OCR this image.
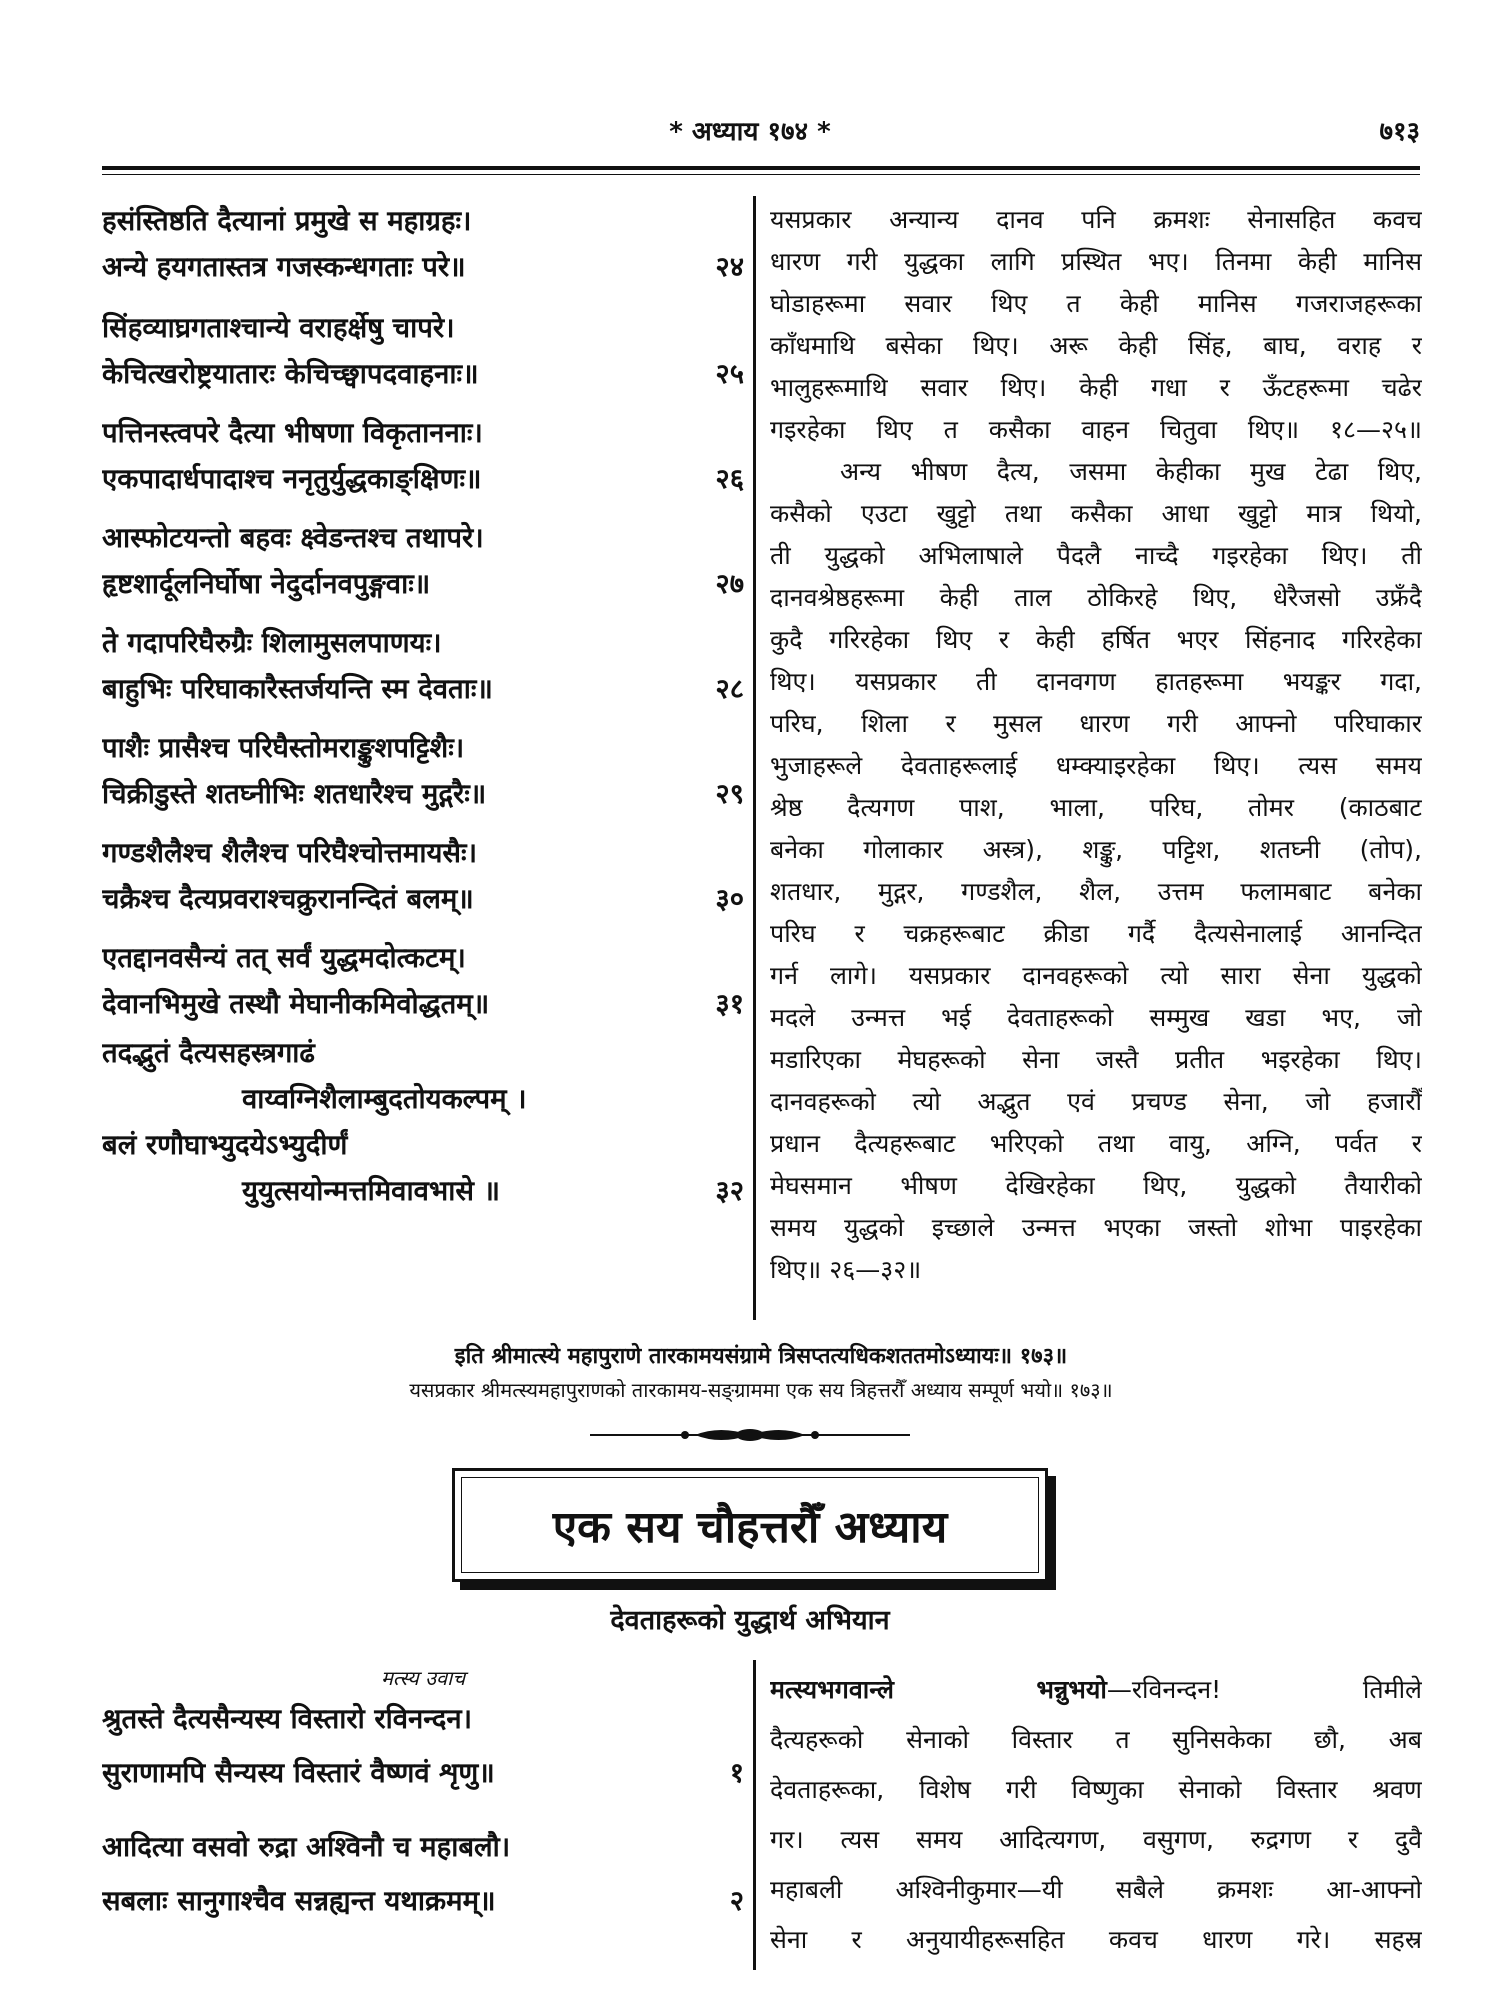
* अध्याय १७४ *	७१३
हसंस्तिष्ठति दैत्यानां प्रमुखे स महाग्रहः।
अन्ये हयगतास्तत्र गजस्कन्धगताः परे॥	२४
सिंहव्याघ्रगताश्चान्ये वराहर्क्षेषु चापरे।
केचित्खरोष्ट्रयातारः केचिच्छ्वापदवाहनाः॥	२५
पत्तिनस्त्वपरे दैत्या भीषणा विकृताननाः।
एकपादार्धपादाश्च ननृतुर्युद्धकाङ्क्षिणः॥	२६
आस्फोटयन्तो बहवः क्ष्वेडन्तश्च तथापरे।
हृष्टशार्दूलनिर्घोषा नेदुर्दानवपुङ्गवाः॥	२७
ते गदापरिघैरुग्रैः शिलामुसलपाणयः।
बाहुभिः परिघाकारैस्तर्जयन्ति स्म देवताः॥	२८
पाशैः प्रासैश्च परिघैस्तोमराङ्कुशपट्टिशैः।
चिक्रीडुस्ते शतघ्नीभिः शतधारैश्च मुद्गरैः॥	२९
गण्डशैलैश्च शैलैश्च परिघैश्चोत्तमायसैः।
चक्रैश्च दैत्यप्रवराश्चक्रुरानन्दितं बलम्॥	३०
एतद्दानवसैन्यं तत् सर्वं युद्धमदोत्कटम्।
देवानभिमुखे तस्थौ मेघानीकमिवोद्धतम्॥	३१
तदद्भुतं दैत्यसहस्त्रगाढं
वाय्वग्निशैलाम्बुदतोयकल्पम् ।
बलं रणौघाभ्युदयेऽभ्युदीर्णं
युयुत्सयोन्मत्तमिवावभासे ॥	३२
यसप्रकार अन्यान्य दानव पनि क्रमशः सेनासहित कवच
धारण गरी युद्धका लागि प्रस्थित भए। तिनमा केही मानिस
घोडाहरूमा सवार थिए त केही मानिस गजराजहरूका
काँधमाथि बसेका थिए। अरू केही सिंह, बाघ, वराह र
भालुहरूमाथि सवार थिए। केही गधा र ऊँटहरूमा चढेर
गइरहेका थिए त कसैका वाहन चितुवा थिए॥ १८—२५॥
अन्य भीषण दैत्य, जसमा केहीका मुख टेढा थिए,
कसैको एउटा खुट्टो तथा कसैका आधा खुट्टो मात्र थियो,
ती युद्धको अभिलाषाले पैदलै नाच्दै गइरहेका थिए। ती
दानवश्रेष्ठहरूमा केही ताल ठोकिरहे थिए, धेरैजसो उफ्रँदै
कुदै गरिरहेका थिए र केही हर्षित भएर सिंहनाद गरिरहेका
थिए। यसप्रकार ती दानवगण हातहरूमा भयङ्कर गदा,
परिघ, शिला र मुसल धारण गरी आफ्नो परिघाकार
भुजाहरूले देवताहरूलाई धम्क्याइरहेका थिए। त्यस समय
श्रेष्ठ दैत्यगण पाश, भाला, परिघ, तोमर (काठबाट
बनेका गोलाकार अस्त्र), शङ्कु, पट्टिश, शतघ्नी (तोप),
शतधार, मुद्गर, गण्डशैल, शैल, उत्तम फलामबाट बनेका
परिघ र चक्रहरूबाट क्रीडा गर्दै दैत्यसेनालाई आनन्दित
गर्न लागे। यसप्रकार दानवहरूको त्यो सारा सेना युद्धको
मदले उन्मत्त भई देवताहरूको सम्मुख खडा भए, जो
मडारिएका मेघहरूको सेना जस्तै प्रतीत भइरहेका थिए।
दानवहरूको त्यो अद्भुत एवं प्रचण्ड सेना, जो हजारौँ
प्रधान दैत्यहरूबाट भरिएको तथा वायु, अग्नि, पर्वत र
मेघसमान भीषण देखिरहेका थिए, युद्धको तैयारीको
समय युद्धको इच्छाले उन्मत्त भएका जस्तो शोभा पाइरहेका
थिए॥ २६—३२॥
इति श्रीमात्स्ये महापुराणे तारकामयसंग्रामे त्रिसप्तत्यधिकशततमोऽध्यायः॥ १७३॥
यसप्रकार श्रीमत्स्यमहापुराणको तारकामय-सङ्ग्राममा एक सय त्रिहत्तरौँ अध्याय सम्पूर्ण भयो॥ १७३॥
एक सय चौहत्तरौँ अध्याय
देवताहरूको युद्धार्थ अभियान
मत्स्य उवाच
श्रुतस्ते दैत्यसैन्यस्य विस्तारो रविनन्दन।
सुराणामपि सैन्यस्य विस्तारं वैष्णवं शृणु॥	१
आदित्या वसवो रुद्रा अश्विनौ च महाबलौ।
सबलाः सानुगाश्चैव सन्नह्यन्त यथाक्रमम्॥	२
मत्स्यभगवान्ले भन्नुभयो—रविनन्दन! तिमीले
दैत्यहरूको सेनाको विस्तार त सुनिसकेका छौ, अब
देवताहरूका, विशेष गरी विष्णुका सेनाको विस्तार श्रवण
गर। त्यस समय आदित्यगण, वसुगण, रुद्रगण र दुवै
महाबली अश्विनीकुमार—यी सबैले क्रमशः आ-आफ्नो
सेना र अनुयायीहरूसहित कवच धारण गरे। सहस्र
